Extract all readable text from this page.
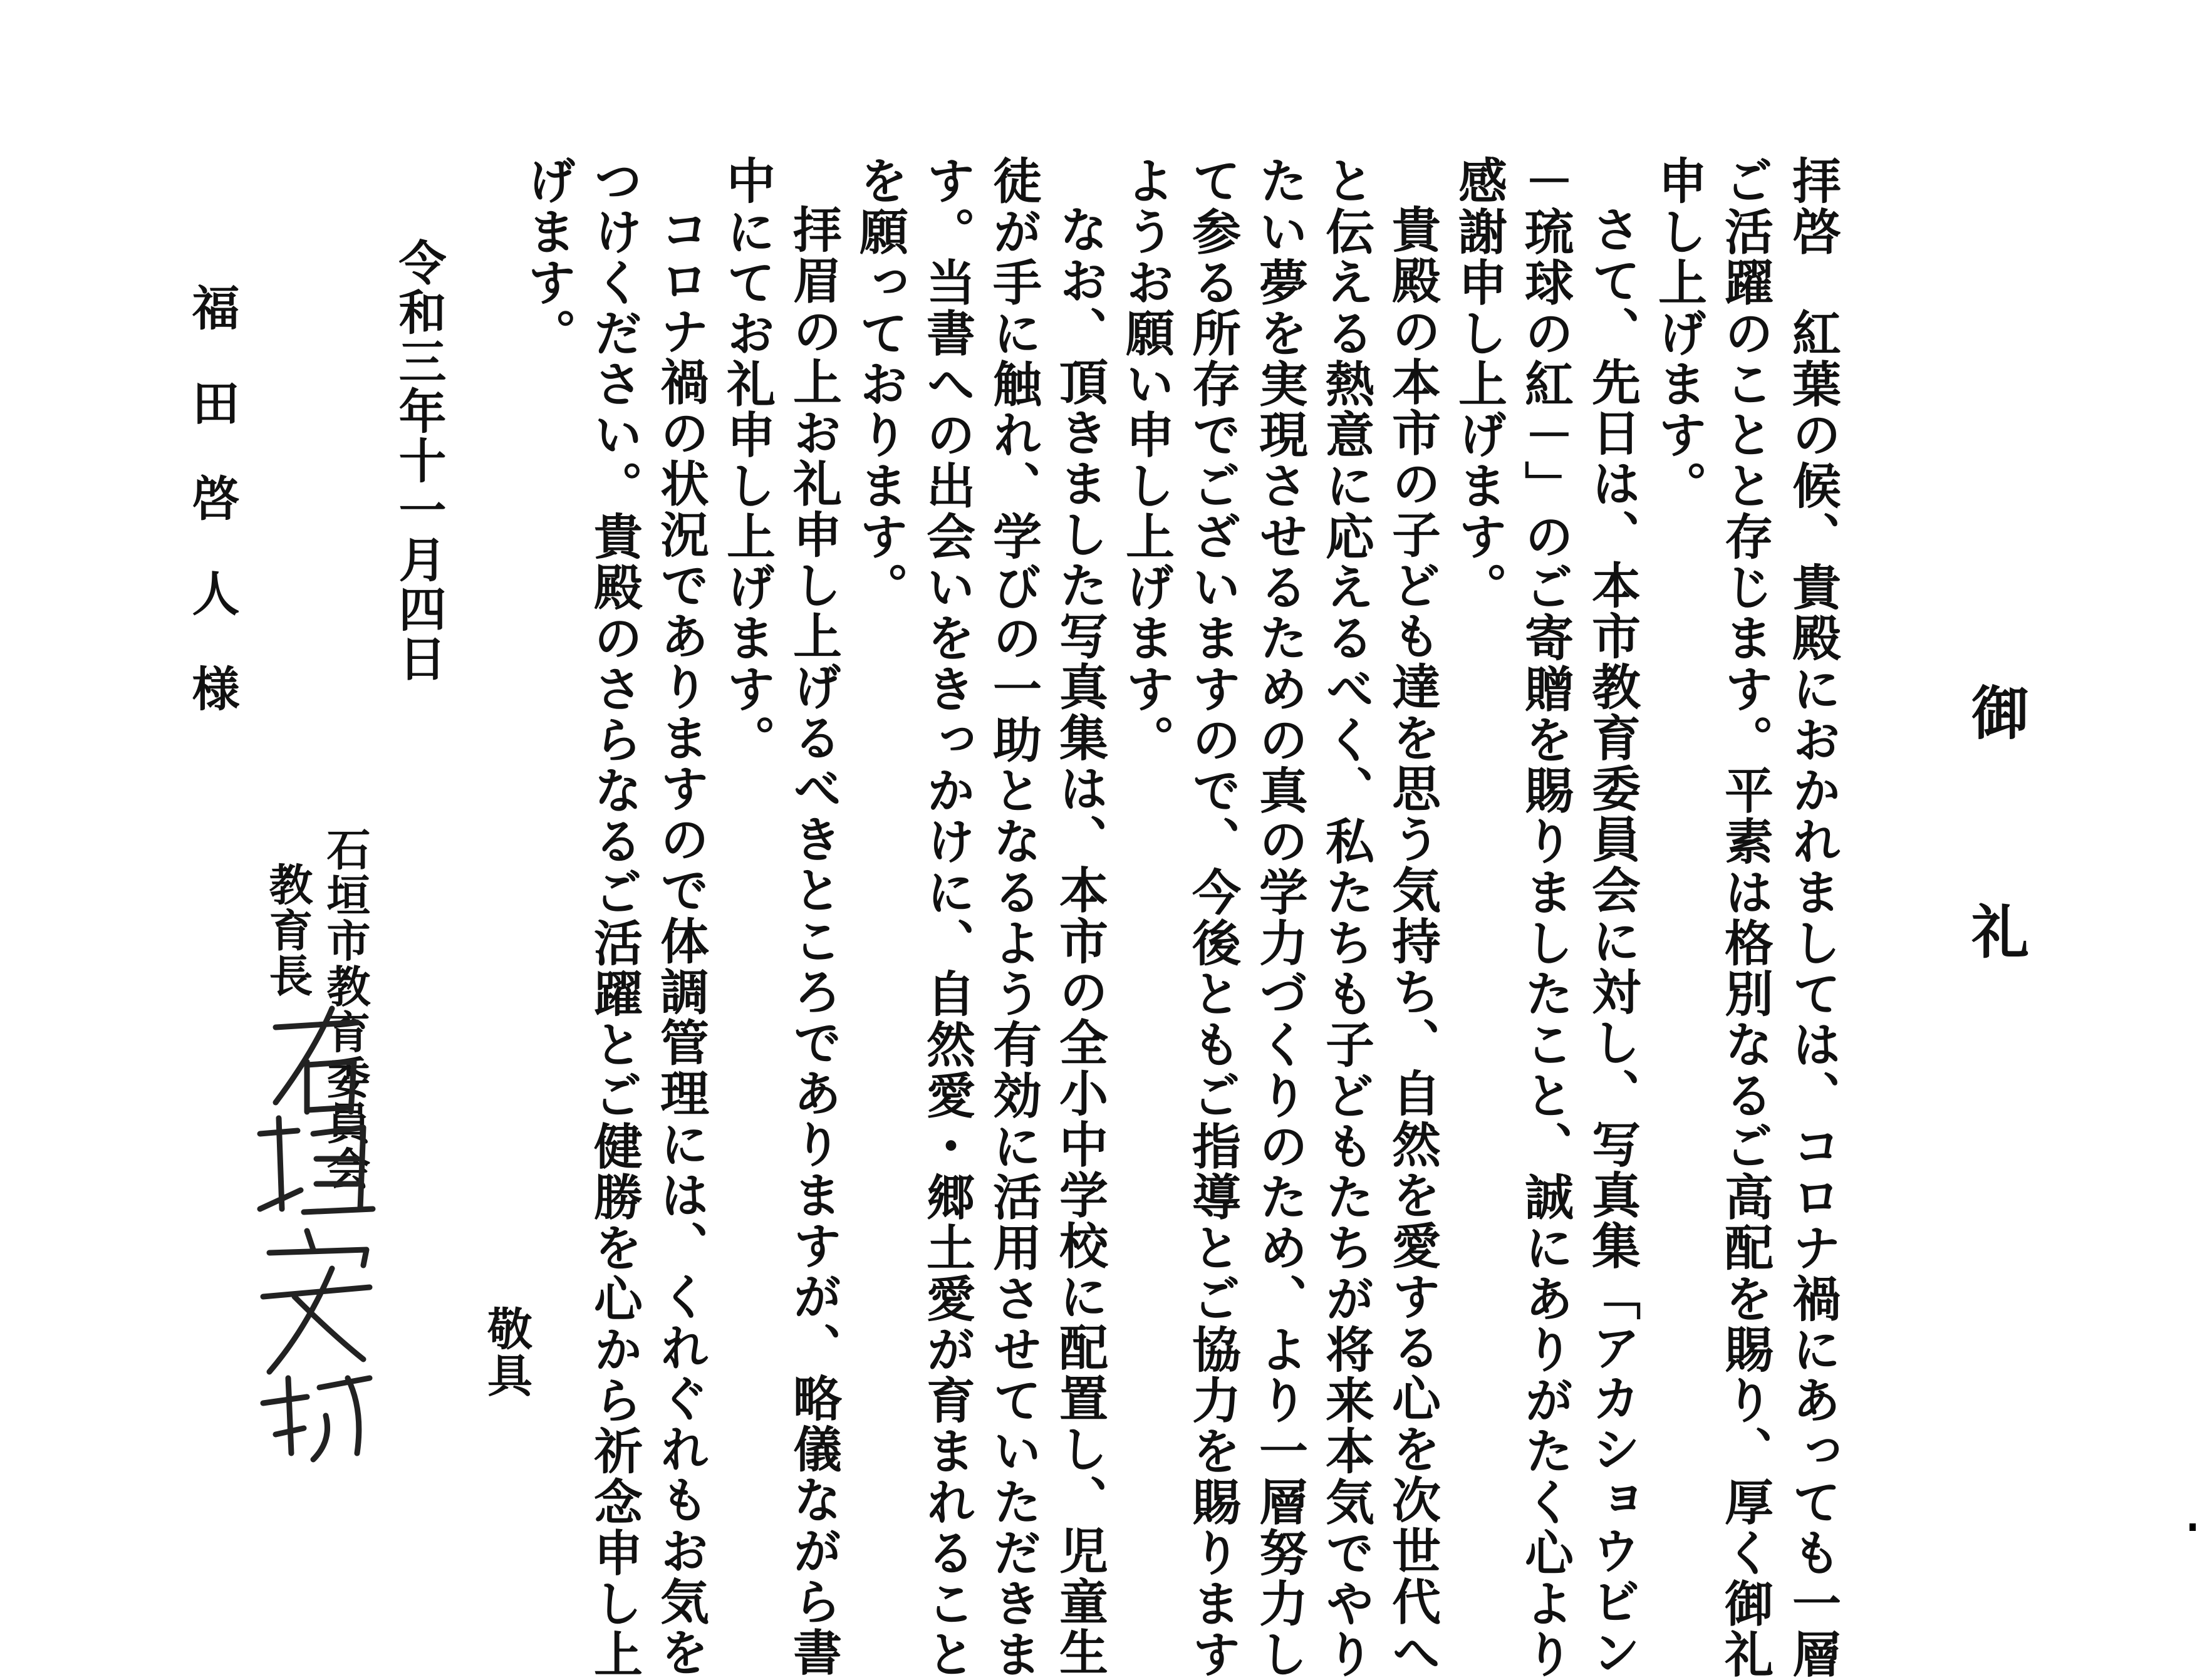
御　礼
拝啓　紅葉の候、貴殿におかれましては、コロナ禍にあっても一層
ご活躍のことと存じます。平素は格別なるご高配を賜り、厚く御礼
申し上げます。
さて、先日は、本市教育委員会に対し、写真集「アカショウビン
－琉球の紅－」のご寄贈を賜りましたこと、誠にありがたく心より
感謝申し上げます。
貴殿の本市の子ども達を思う気持ち、自然を愛する心を次世代へ
と伝える熱意に応えるべく、私たちも子どもたちが将来本気でやり
たい夢を実現させるための真の学力づくりのため、より一層努力し
て参る所存でございますので、今後ともご指導とご協力を賜ります
ようお願い申し上げます。
なお、頂きました写真集は、本市の全小中学校に配置し、児童生
徒が手に触れ、学びの一助となるよう有効に活用させていただきま
す。当書への出会いをきっかけに、自然愛・郷土愛が育まれること
を願っております。
拝眉の上お礼申し上げるべきところでありますが、略儀ながら書
中にてお礼申し上げます。
コロナ禍の状況でありますので体調管理には、くれぐれもお気を
つけください。貴殿のさらなるご活躍とご健勝を心から祈念申し上
げます。
敬具
令和三年十一月四日
石垣市教育委員会
教育長
福田啓人様
